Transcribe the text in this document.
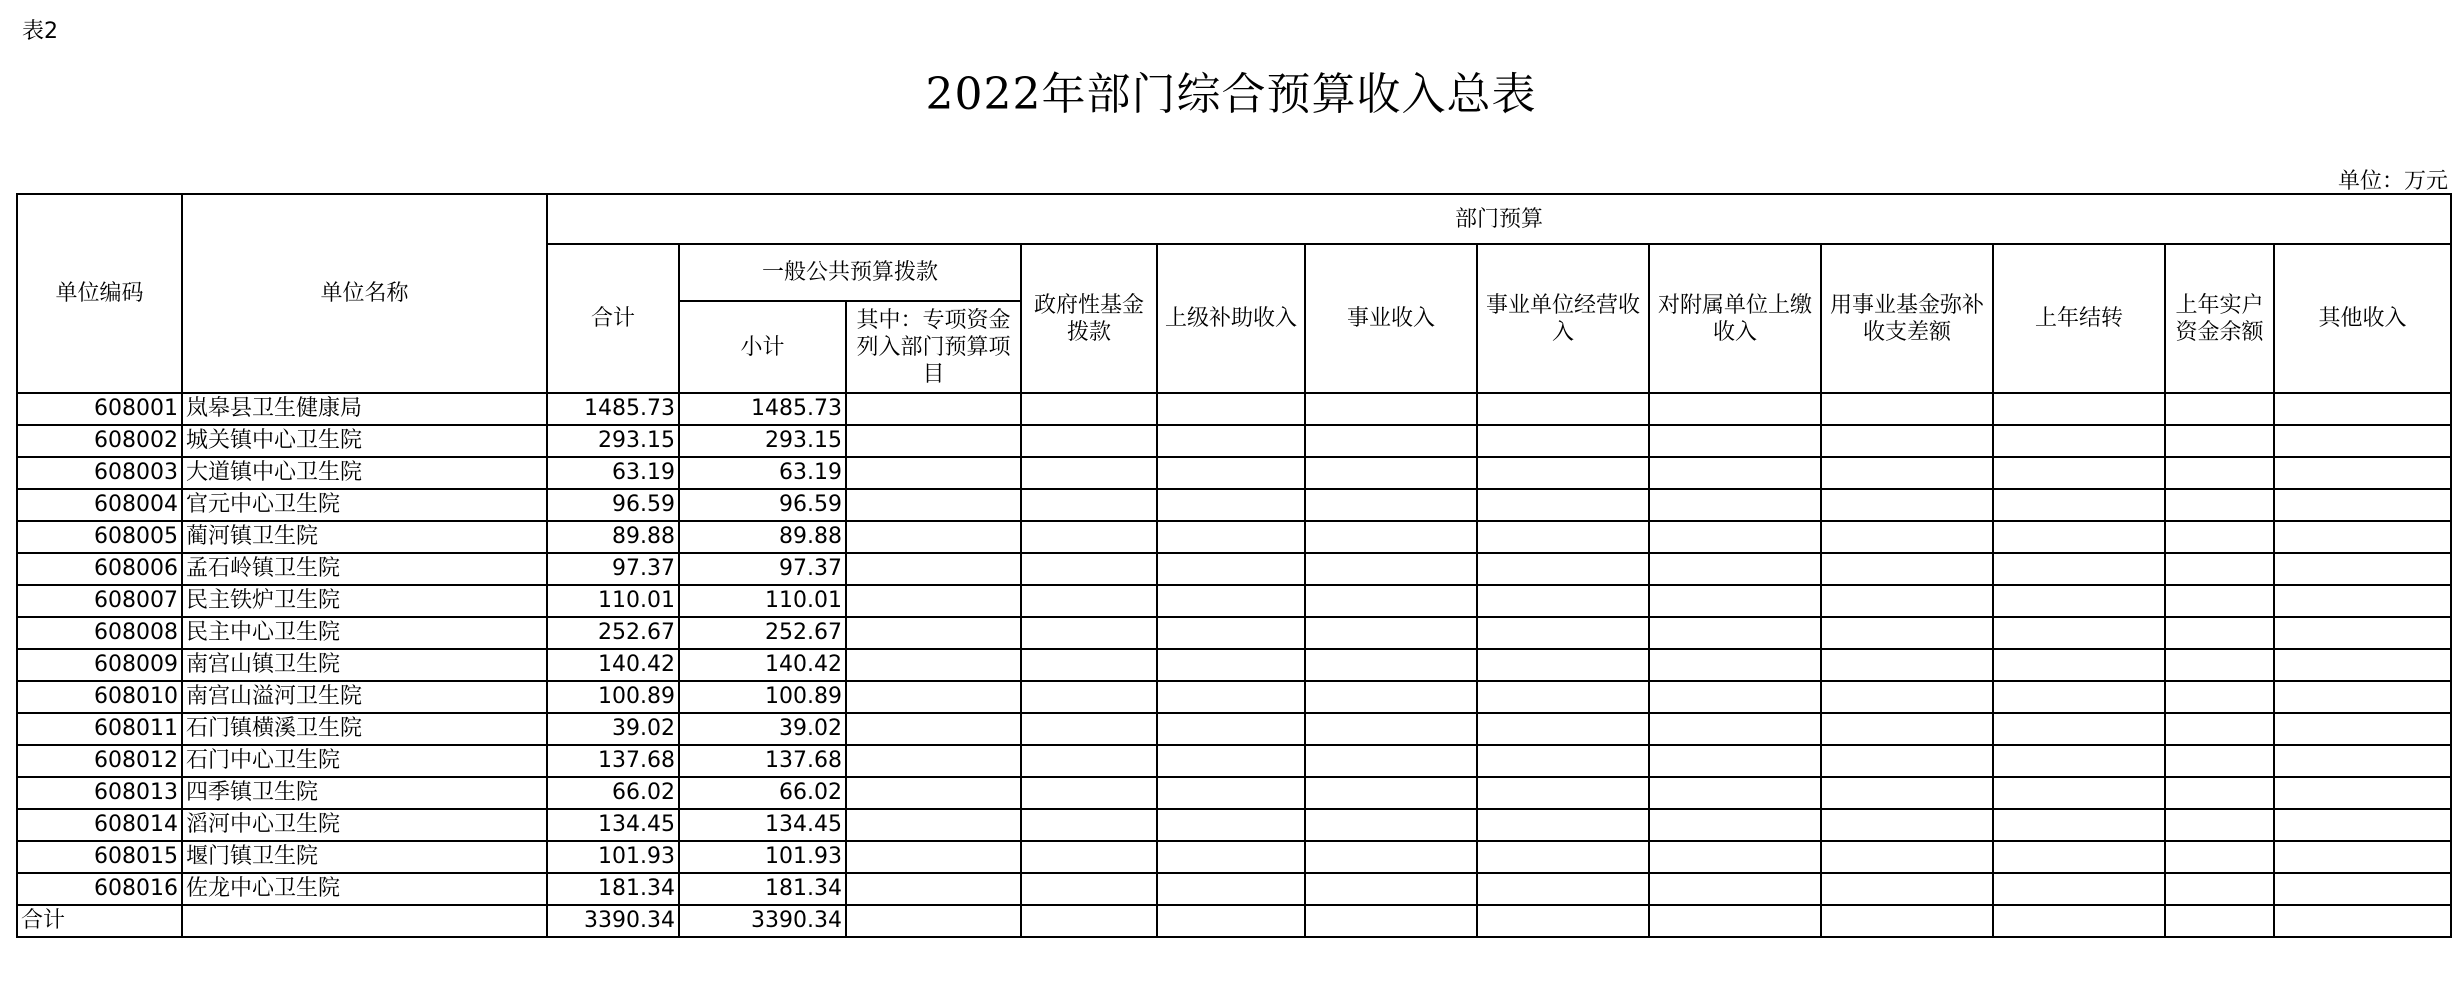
表2
2022年部门综合预算收入总表
单位：万元
单位编码	单位名称	部门预算											
		合计	一般公共预算拨款		政府性基金拨款	上级补助收入	事业收入	事业单位经营收入	对附属单位上缴收入	用事业基金弥补收支差额	上年结转	上年实户资金余额	其他收入
			小计	其中：专项资金列入部门预算项目									
608001	岚皋县卫生健康局	1485.73	1485.73										
608002	城关镇中心卫生院	293.15	293.15										
608003	大道镇中心卫生院	63.19	63.19										
608004	官元中心卫生院	96.59	96.59										
608005	蔺河镇卫生院	89.88	89.88										
608006	孟石岭镇卫生院	97.37	97.37										
608007	民主铁炉卫生院	110.01	110.01										
608008	民主中心卫生院	252.67	252.67										
608009	南宫山镇卫生院	140.42	140.42										
608010	南宫山溢河卫生院	100.89	100.89										
608011	石门镇横溪卫生院	39.02	39.02										
608012	石门中心卫生院	137.68	137.68										
608013	四季镇卫生院	66.02	66.02										
608014	滔河中心卫生院	134.45	134.45										
608015	堰门镇卫生院	101.93	101.93										
608016	佐龙中心卫生院	181.34	181.34										
合计		3390.34	3390.34										
